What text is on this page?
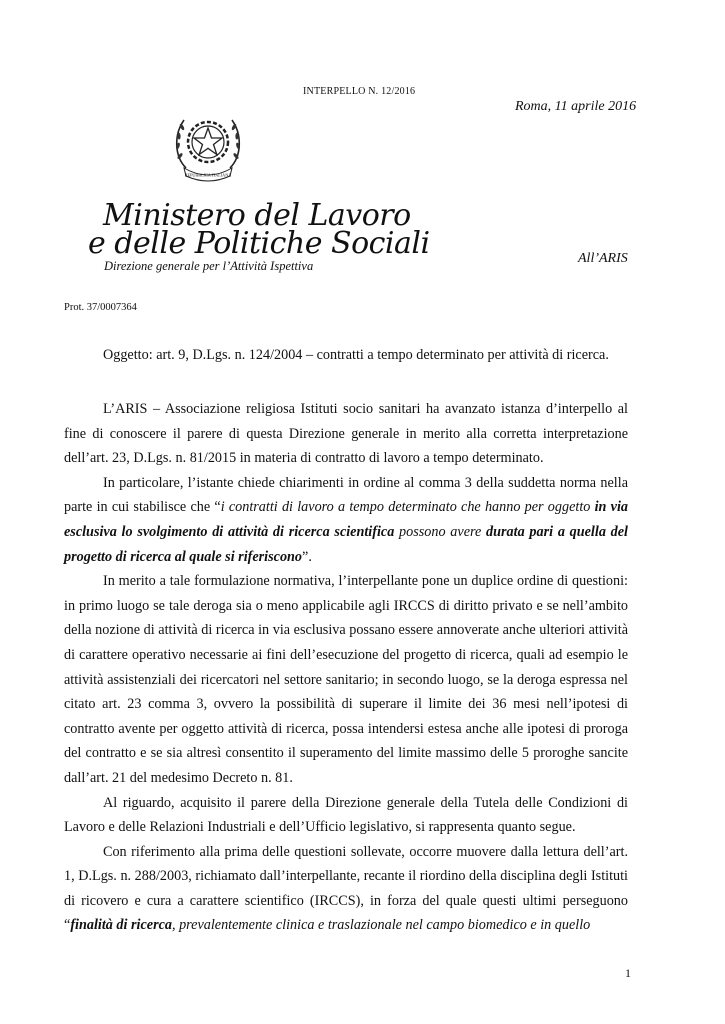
INTERPELLO N. 12/2016
Roma, 11 aprile 2016
REPUBBLICA ITALIANA
Ministero del Lavoro
e delle Politiche Sociali
Direzione generale per l’Attività Ispettiva	All’ARIS
Prot. 37/0007364
Oggetto: art. 9, D.Lgs. n. 124/2004 – contratti a tempo determinato per attività di ricerca.

L’ARIS – Associazione religiosa Istituti socio sanitari ha avanzato istanza d’interpello al fine di conoscere il parere di questa Direzione generale in merito alla corretta interpretazione dell’art. 23, D.Lgs. n. 81/2015 in materia di contratto di lavoro a tempo determinato.

In particolare, l’istante chiede chiarimenti in ordine al comma 3 della suddetta norma nella parte in cui stabilisce che “i contratti di lavoro a tempo determinato che hanno per oggetto in via esclusiva lo svolgimento di attività di ricerca scientifica possono avere durata pari a quella del progetto di ricerca al quale si riferiscono”.

In merito a tale formulazione normativa, l’interpellante pone un duplice ordine di questioni: in primo luogo se tale deroga sia o meno applicabile agli IRCCS di diritto privato e se nell’ambito della nozione di attività di ricerca in via esclusiva possano essere annoverate anche ulteriori attività di carattere operativo necessarie ai fini dell’esecuzione del progetto di ricerca, quali ad esempio le attività assistenziali dei ricercatori nel settore sanitario; in secondo luogo, se la deroga espressa nel citato art. 23 comma 3, ovvero la possibilità di superare il limite dei 36 mesi nell’ipotesi di contratto avente per oggetto attività di ricerca, possa intendersi estesa anche alle ipotesi di proroga del contratto e se sia altresì consentito il superamento del limite massimo delle 5 proroghe sancite dall’art. 21 del medesimo Decreto n. 81.

Al riguardo, acquisito il parere della Direzione generale della Tutela delle Condizioni di Lavoro e delle Relazioni Industriali e dell’Ufficio legislativo, si rappresenta quanto segue.

Con riferimento alla prima delle questioni sollevate, occorre muovere dalla lettura dell’art. 1, D.Lgs. n. 288/2003, richiamato dall’interpellante, recante il riordino della disciplina degli Istituti di ricovero e cura a carattere scientifico (IRCCS), in forza del quale questi ultimi perseguono “finalità di ricerca, prevalentemente clinica e traslazionale nel campo biomedico e in quello

1
